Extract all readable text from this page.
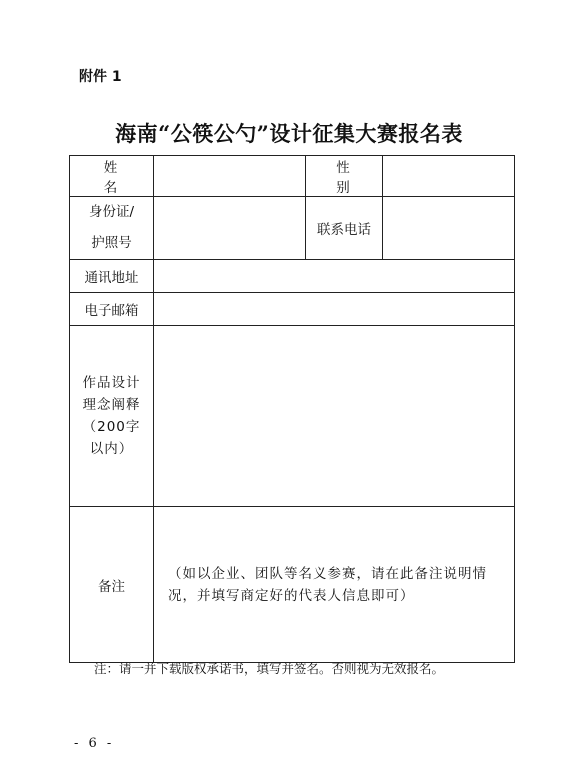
附件 1
海南“公筷公勺”设计征集大赛报名表
姓名		性别	

身份证/
护照号		联系电话	
通讯地址			
电子邮箱			
作品设计理念阐释（200字以内）			
备注	（如以企业、团队等名义参赛，请在此备注说明情况，并填写商定好的代表人信息即可）		
注：请一并下载版权承诺书，填写并签名。否则视为无效报名。
- 6 -
